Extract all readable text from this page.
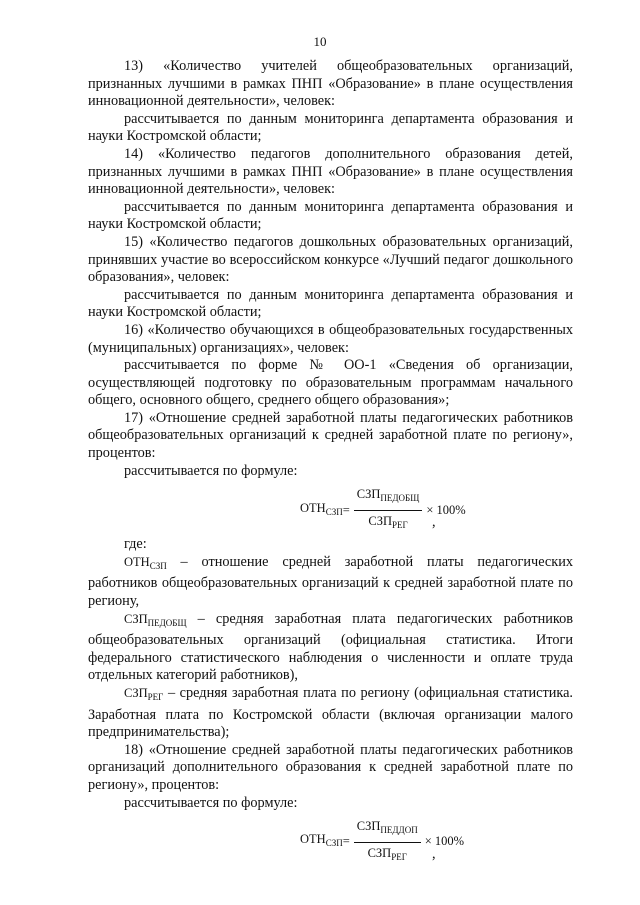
10

13) «Количество учителей общеобразовательных организаций, признанных лучшими в рамках ПНП «Образование» в плане осуществления инновационной деятельности», человек:

рассчитывается по данным мониторинга департамента образования и науки Костромской области;

14) «Количество педагогов дополнительного образования детей, признанных лучшими в рамках ПНП «Образование» в плане осуществления инновационной деятельности», человек:

рассчитывается по данным мониторинга департамента образования и науки Костромской области;

15) «Количество педагогов дошкольных образовательных организаций, принявших участие во всероссийском конкурсе «Лучший педагог дошкольного образования», человек:

рассчитывается по данным мониторинга департамента образования и науки Костромской области;

16) «Количество обучающихся в общеобразовательных государственных (муниципальных) организациях», человек:

рассчитывается по форме № ОО-1 «Сведения об организации, осуществляющей подготовку по образовательным программам начального общего, основного общего, среднего общего образования»;

17) «Отношение средней заработной платы педагогических работников общеобразовательных организаций к средней заработной плате по региону», процентов:

рассчитывается по формуле:

$ОТН_{СЗП} = \frac{СЗП_{ПЕДОБЩ}}{СЗП_{РЕГ}} \times 100\%$
,

где:

$ОТН_{СЗП}$ – отношение средней заработной платы педагогических работников общеобразовательных организаций к средней заработной плате по региону,

$СЗП_{ПЕДОБЩ}$ – средняя заработная плата педагогических работников общеобразовательных организаций (официальная статистика. Итоги федерального статистического наблюдения о численности и оплате труда отдельных категорий работников),

$СЗП_{РЕГ}$ – средняя заработная плата по региону (официальная статистика. Заработная плата по Костромской области (включая организации малого предпринимательства);

18) «Отношение средней заработной платы педагогических работников организаций дополнительного образования к средней заработной плате по региону», процентов:

рассчитывается по формуле:

$ОТН_{СЗП} = \frac{СЗП_{ПЕДДОП}}{СЗП_{РЕГ}} \times 100\%$
,
